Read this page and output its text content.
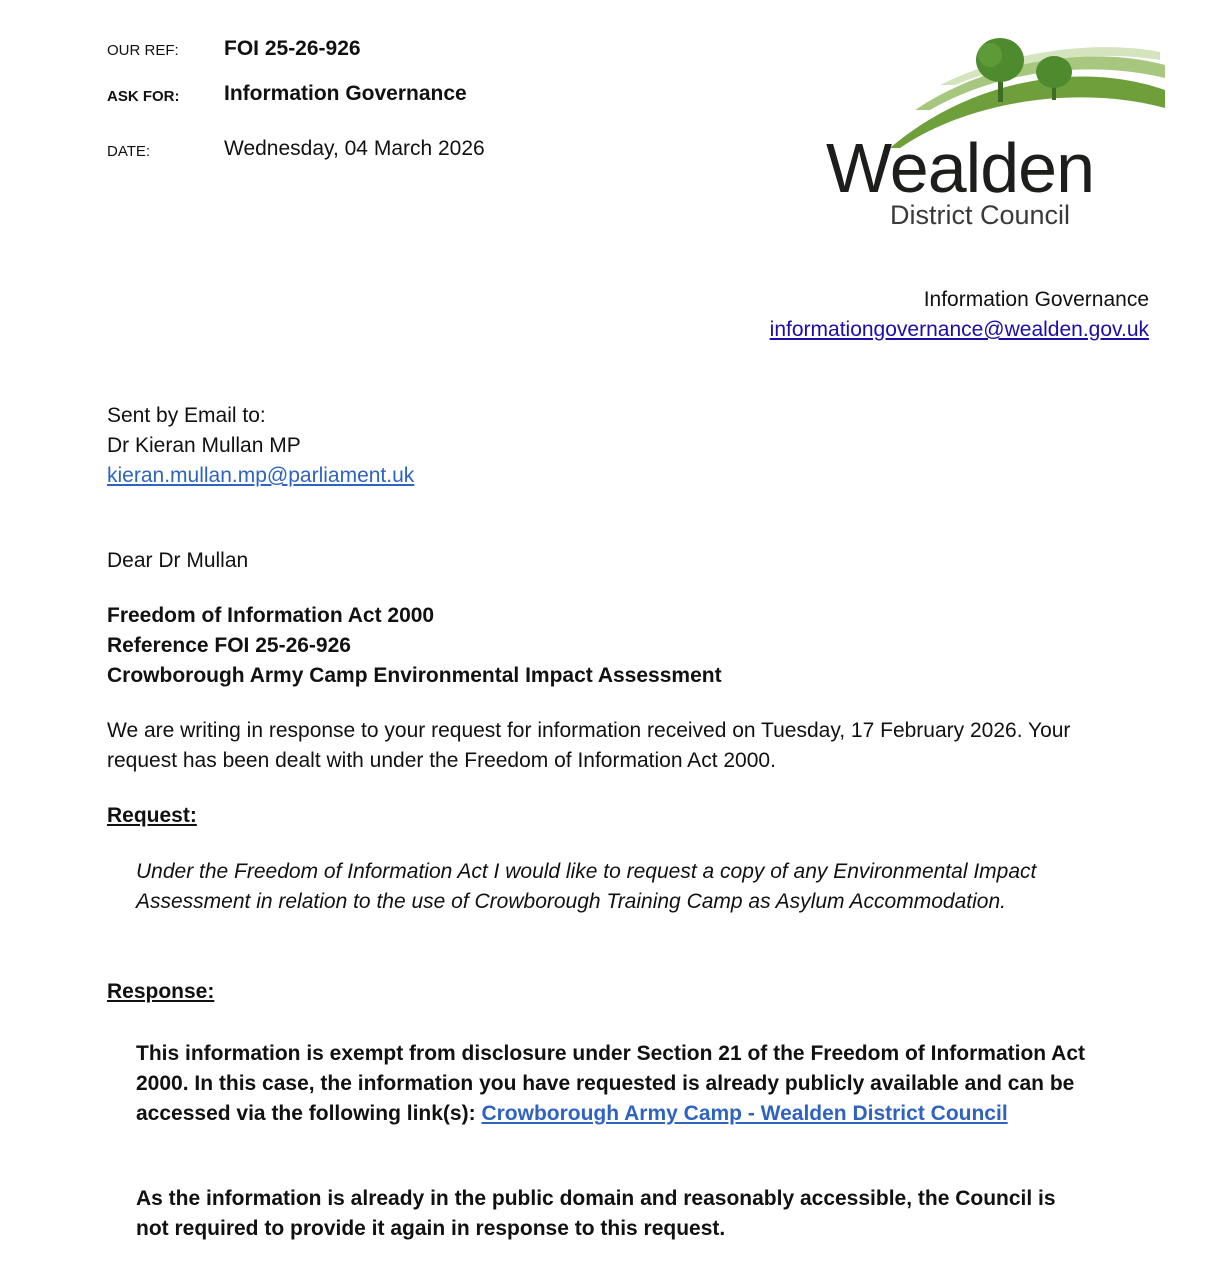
OUR REF: FOI 25-26-926
ASK FOR: Information Governance
DATE:	Wednesday, 04 March 2026	Wealden
District Council
Information Governance
informationgovernance@wealden.gov.uk
Sent by Email to:
Dr Kieran Mullan MP
kieran.mullan.mp@parliament.uk
Dear Dr Mullan
Freedom of Information Act 2000
Reference FOI 25-26-926
Crowborough Army Camp Environmental Impact Assessment
We are writing in response to your request for information received on Tuesday, 17 February 2026. Your request has been dealt with under the Freedom of Information Act 2000.
Request:
Under the Freedom of Information Act I would like to request a copy of any Environmental Impact Assessment in relation to the use of Crowborough Training Camp as Asylum Accommodation.
Response:
This information is exempt from disclosure under Section 21 of the Freedom of Information Act 2000. In this case, the information you have requested is already publicly available and can be accessed via the following link(s): Crowborough Army Camp - Wealden District Council
As the information is already in the public domain and reasonably accessible, the Council is not required to provide it again in response to this request.
